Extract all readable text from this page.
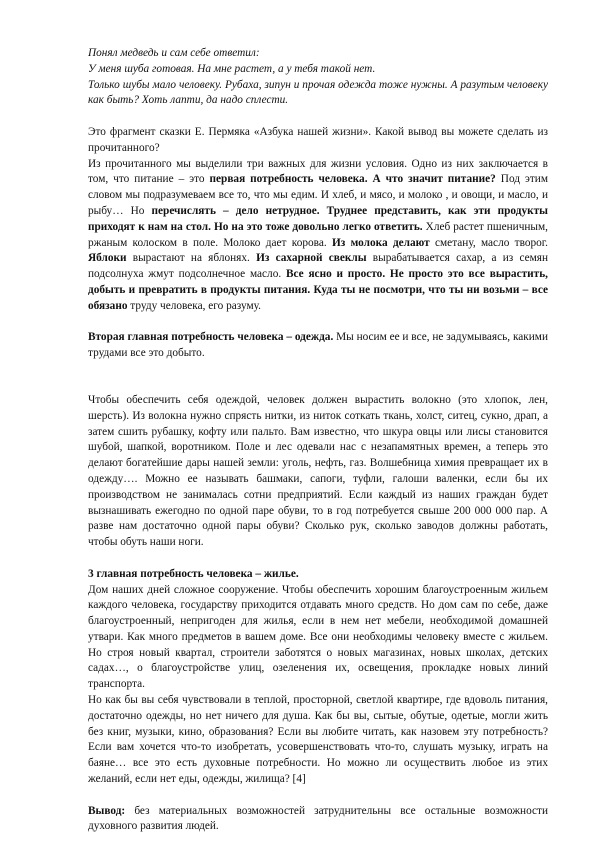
Понял медведь и сам себе ответил:

У меня шуба готовая. На мне растет, а у тебя такой нет.

Только шубы мало человеку. Рубаха, зипун и прочая одежда тоже нужны. А разутым человеку как быть? Хоть лапти, да надо сплести.

Это фрагмент сказки Е. Пермяка «Азбука нашей жизни». Какой вывод вы можете сделать из прочитанного?

Из прочитанного мы выделили три важных для жизни условия. Одно из них заключается в том, что питание – это первая потребность человека. А что значит питание? Под этим словом мы подразумеваем все то, что мы едим. И хлеб, и мясо, и молоко , и овощи, и масло, и рыбу… Но перечислять – дело нетрудное. Труднее представить, как эти продукты приходят к нам на стол. Но на это тоже довольно легко ответить. Хлеб растет пшеничным, ржаным колоском в поле. Молоко дает корова. Из молока делают сметану, масло творог. Яблоки вырастают на яблонях. Из сахарной свеклы вырабатывается сахар, а из семян подсолнуха жмут подсолнечное масло. Все ясно и просто. Не просто это все вырастить, добыть и превратить в продукты питания. Куда ты не посмотри, что ты ни возьми – все обязано труду человека, его разуму.

Вторая главная потребность человека – одежда. Мы носим ее и все, не задумываясь, какими трудами все это добыто.

Чтобы обеспечить себя одеждой, человек должен вырастить волокно (это хлопок, лен, шерсть). Из волокна нужно спрясть нитки, из ниток соткать ткань, холст, ситец, сукно, драп, а затем сшить рубашку, кофту или пальто. Вам известно, что шкура овцы или лисы становится шубой, шапкой, воротником. Поле и лес одевали нас с незапамятных времен, а теперь это делают богатейшие дары нашей земли: уголь, нефть, газ. Волшебница химия превращает их в одежду…. Можно ее называть башмаки, сапоги, туфли, галоши валенки, если бы их производством не занималась сотни предприятий. Если каждый из наших граждан будет вызнашивать ежегодно по одной паре обуви, то в год потребуется свыше 200 000 000 пар. А разве нам достаточно одной пары обуви? Сколько рук, сколько заводов должны работать, чтобы обуть наши ноги.

3 главная потребность человека – жилье.

Дом наших дней сложное сооружение. Чтобы обеспечить хорошим благоустроенным жильем каждого человека, государству приходится отдавать много средств. Но дом сам по себе, даже благоустроенный, непригоден для жилья, если в нем нет мебели, необходимой домашней утвари. Как много предметов в вашем доме. Все они необходимы человеку вместе с жильем. Но строя новый квартал, строители заботятся о новых магазинах, новых школах, детских садах…, о благоустройстве улиц, озеленения их, освещения, прокладке новых линий транспорта.

Но как бы вы себя чувствовали в теплой, просторной, светлой квартире, где вдоволь питания, достаточно одежды, но нет ничего для душа. Как бы вы, сытые, обутые, одетые, могли жить без книг, музыки, кино, образования? Если вы любите читать, как назовем эту потребность? Если вам хочется что-то изобретать, усовершенствовать что-то, слушать музыку, играть на баяне… все это есть духовные потребности. Но можно ли осуществить любое из этих желаний, если нет еды, одежды, жилища? [4]

Вывод: без материальных возможностей затруднительны все остальные возможности духовного развития людей.
